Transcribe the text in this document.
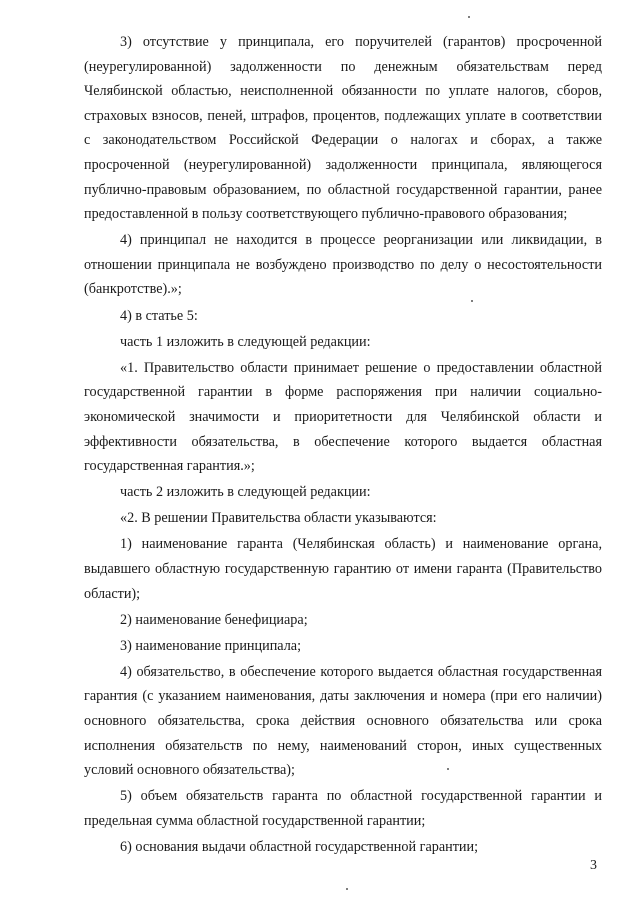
3) отсутствие у принципала, его поручителей (гарантов) просроченной (неурегулированной) задолженности по денежным обязательствам перед Челябинской областью, неисполненной обязанности по уплате налогов, сборов, страховых взносов, пеней, штрафов, процентов, подлежащих уплате в соответствии с законодательством Российской Федерации о налогах и сборах, а также просроченной (неурегулированной) задолженности принципала, являющегося публично-правовым образованием, по областной государственной гарантии, ранее предоставленной в пользу соответствующего публично-правового образования;

4) принципал не находится в процессе реорганизации или ликвидации, в отношении принципала не возбуждено производство по делу о несостоятельности (банкротстве).»;

4) в статье 5:

часть 1 изложить в следующей редакции:

«1. Правительство области принимает решение о предоставлении областной государственной гарантии в форме распоряжения при наличии социально-экономической значимости и приоритетности для Челябинской области и эффективности обязательства, в обеспечение которого выдается областная государственная гарантия.»;

часть 2 изложить в следующей редакции:

«2. В решении Правительства области указываются:

1) наименование гаранта (Челябинская область) и наименование органа, выдавшего областную государственную гарантию от имени гаранта (Правительство области);

2) наименование бенефициара;

3) наименование принципала;

4) обязательство, в обеспечение которого выдается областная государственная гарантия (с указанием наименования, даты заключения и номера (при его наличии) основного обязательства, срока действия основного обязательства или срока исполнения обязательств по нему, наименований сторон, иных существенных условий основного обязательства);

5) объем обязательств гаранта по областной государственной гарантии и предельная сумма областной государственной гарантии;

6) основания выдачи областной государственной гарантии;

3
